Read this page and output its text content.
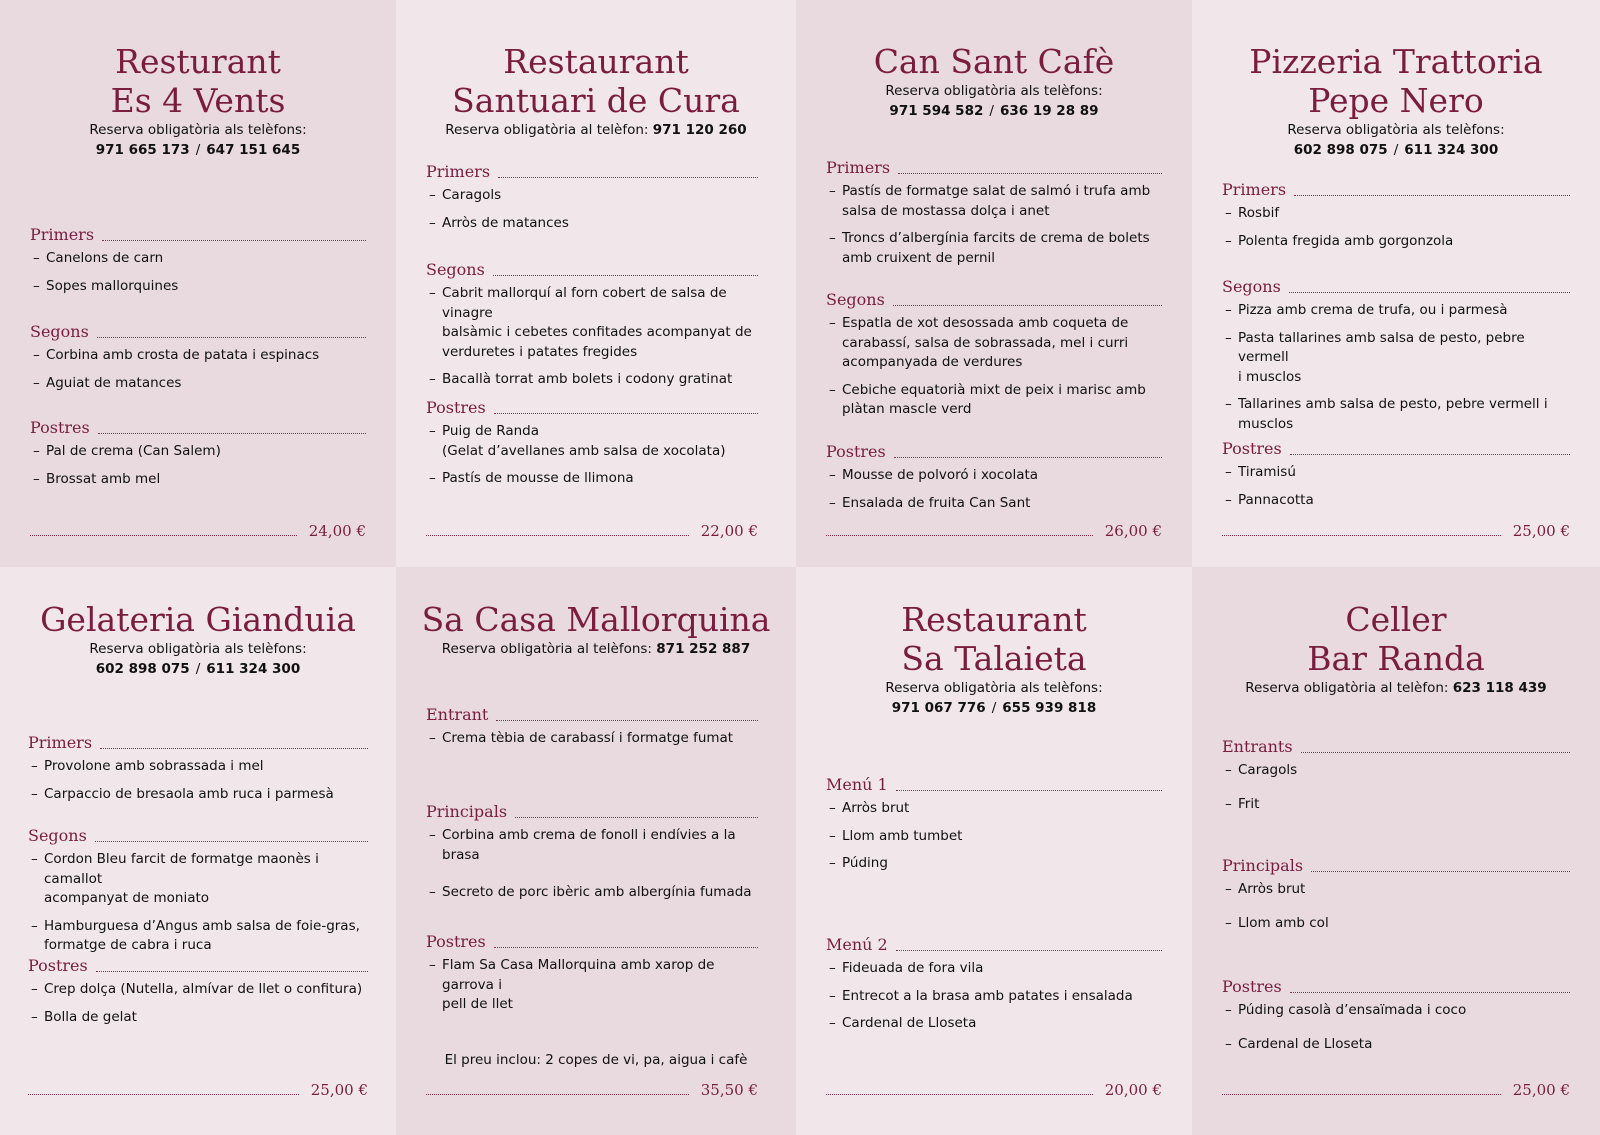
Resturant
Es 4 Vents
Reserva obligatòria als telèfons:
971 665 173 / 647 151 645
Primers
– Canelons de carn
– Sopes mallorquines
Segons
– Corbina amb crosta de patata i espinacs
– Aguiat de matances
Postres
– Pal de crema (Can Salem)
– Brossat amb mel
24,00 €
Restaurant
Santuari de Cura
Reserva obligatòria al telèfon: 971 120 260
Primers
– Caragols
– Arròs de matances
Segons
– Cabrit mallorquí al forn cobert de salsa de vinagre
balsàmic i cebetes confitades acompanyat de
verduretes i patates fregides
– Bacallà torrat amb bolets i codony gratinat
Postres
– Puig de Randa
(Gelat d’avellanes amb salsa de xocolata)
– Pastís de mousse de llimona
22,00 €
Can Sant Cafè
Reserva obligatòria als telèfons:
971 594 582 / 636 19 28 89
Primers
– Pastís de formatge salat de salmó i trufa amb
salsa de mostassa dolça i anet
– Troncs d’albergínia farcits de crema de bolets
amb cruixent de pernil
Segons
– Espatla de xot desossada amb coqueta de
carabassí, salsa de sobrassada, mel i curri
acompanyada de verdures
– Cebiche equatorià mixt de peix i marisc amb
plàtan mascle verd
Postres
– Mousse de polvoró i xocolata
– Ensalada de fruita Can Sant
26,00 €
Pizzeria Trattoria
Pepe Nero
Reserva obligatòria als telèfons:
602 898 075 / 611 324 300
Primers
– Rosbif
– Polenta fregida amb gorgonzola
Segons
– Pizza amb crema de trufa, ou i parmesà
– Pasta tallarines amb salsa de pesto, pebre vermell
i musclos
– Tallarines amb salsa de pesto, pebre vermell i
musclos
Postres
– Tiramisú
– Pannacotta
25,00 €
Gelateria Gianduia
Reserva obligatòria als telèfons:
602 898 075 / 611 324 300
Primers
– Provolone amb sobrassada i mel
– Carpaccio de bresaola amb ruca i parmesà
Segons
– Cordon Bleu farcit de formatge maonès i camallot
acompanyat de moniato
– Hamburguesa d’Angus amb salsa de foie-gras,
formatge de cabra i ruca
Postres
– Crep dolça (Nutella, almívar de llet o confitura)
– Bolla de gelat
25,00 €
Sa Casa Mallorquina
Reserva obligatòria al telèfons: 871 252 887
Entrant
– Crema tèbia de carabassí i formatge fumat
Principals
– Corbina amb crema de fonoll i endívies a la brasa
– Secreto de porc ibèric amb albergínia fumada
Postres
– Flam Sa Casa Mallorquina amb xarop de garrova i
pell de llet
El preu inclou: 2 copes de vi, pa, aigua i cafè
35,50 €
Restaurant
Sa Talaieta
Reserva obligatòria als telèfons:
971 067 776 / 655 939 818
Menú 1
– Arròs brut
– Llom amb tumbet
– Púding
Menú 2
– Fideuada de fora vila
– Entrecot a la brasa amb patates i ensalada
– Cardenal de Lloseta
20,00 €
Celler
Bar Randa
Reserva obligatòria al telèfon: 623 118 439
Entrants
– Caragols
– Frit
Principals
– Arròs brut
– Llom amb col
Postres
– Púding casolà d’ensaïmada i coco
– Cardenal de Lloseta
25,00 €
